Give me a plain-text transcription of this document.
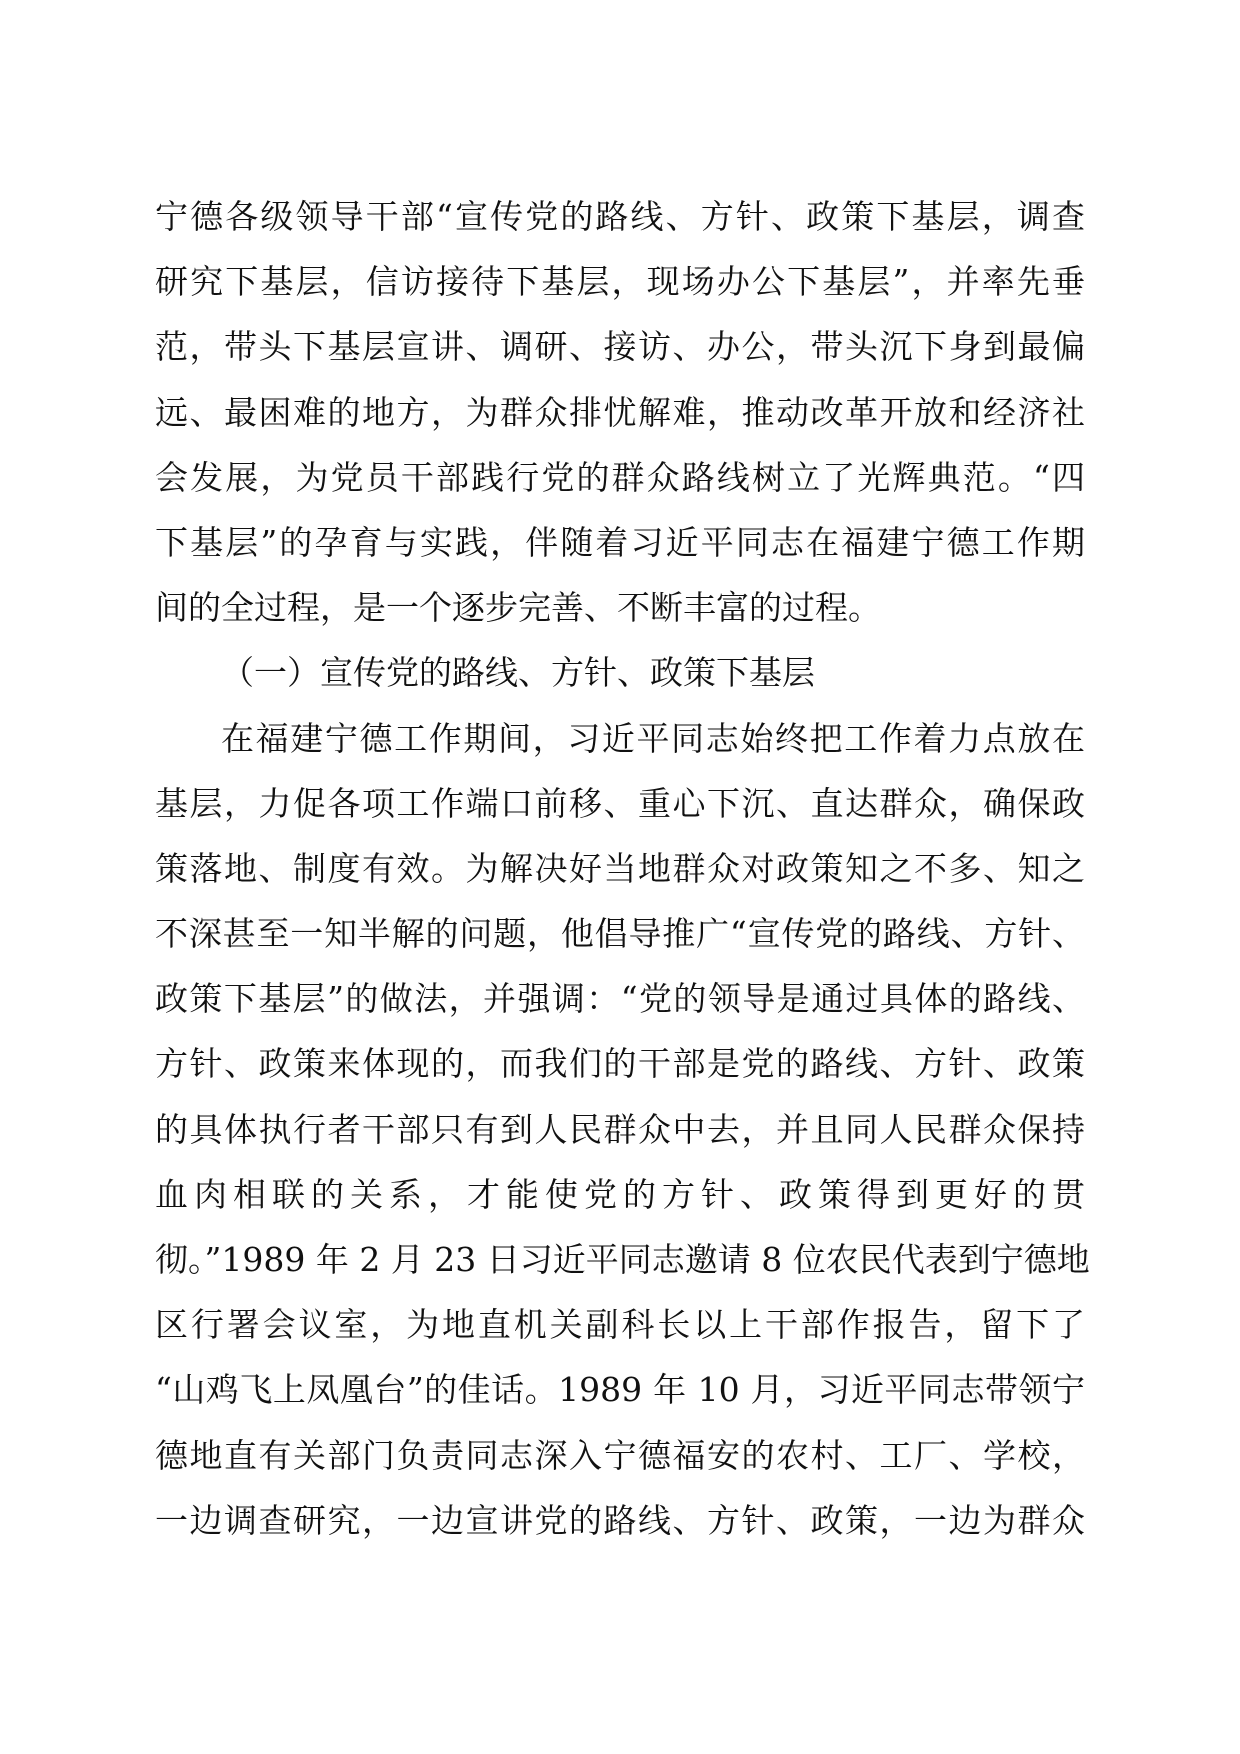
宁德各级领导干部“宣传党的路线、方针、政策下基层，调查
研究下基层，信访接待下基层，现场办公下基层”，并率先垂
范，带头下基层宣讲、调研、接访、办公，带头沉下身到最偏
远、最困难的地方，为群众排忧解难，推动改革开放和经济社
会发展，为党员干部践行党的群众路线树立了光辉典范。“四
下基层”的孕育与实践，伴随着习近平同志在福建宁德工作期
间的全过程，是一个逐步完善、不断丰富的过程。
（一）宣传党的路线、方针、政策下基层
在福建宁德工作期间，习近平同志始终把工作着力点放在
基层，力促各项工作端口前移、重心下沉、直达群众，确保政
策落地、制度有效。为解决好当地群众对政策知之不多、知之
不深甚至一知半解的问题，他倡导推广“宣传党的路线、方针、
政策下基层”的做法，并强调：“党的领导是通过具体的路线、
方针、政策来体现的，而我们的干部是党的路线、方针、政策
的具体执行者干部只有到人民群众中去，并且同人民群众保持
血肉相联的关系，才能使党的方针、政策得到更好的贯
彻。”1989 年 2 月 23 日习近平同志邀请 8 位农民代表到宁德地
区行署会议室，为地直机关副科长以上干部作报告，留下了
“山鸡飞上凤凰台”的佳话。1989 年 10 月，习近平同志带领宁
德地直有关部门负责同志深入宁德福安的农村、工厂、学校，
一边调查研究，一边宣讲党的路线、方针、政策，一边为群众
